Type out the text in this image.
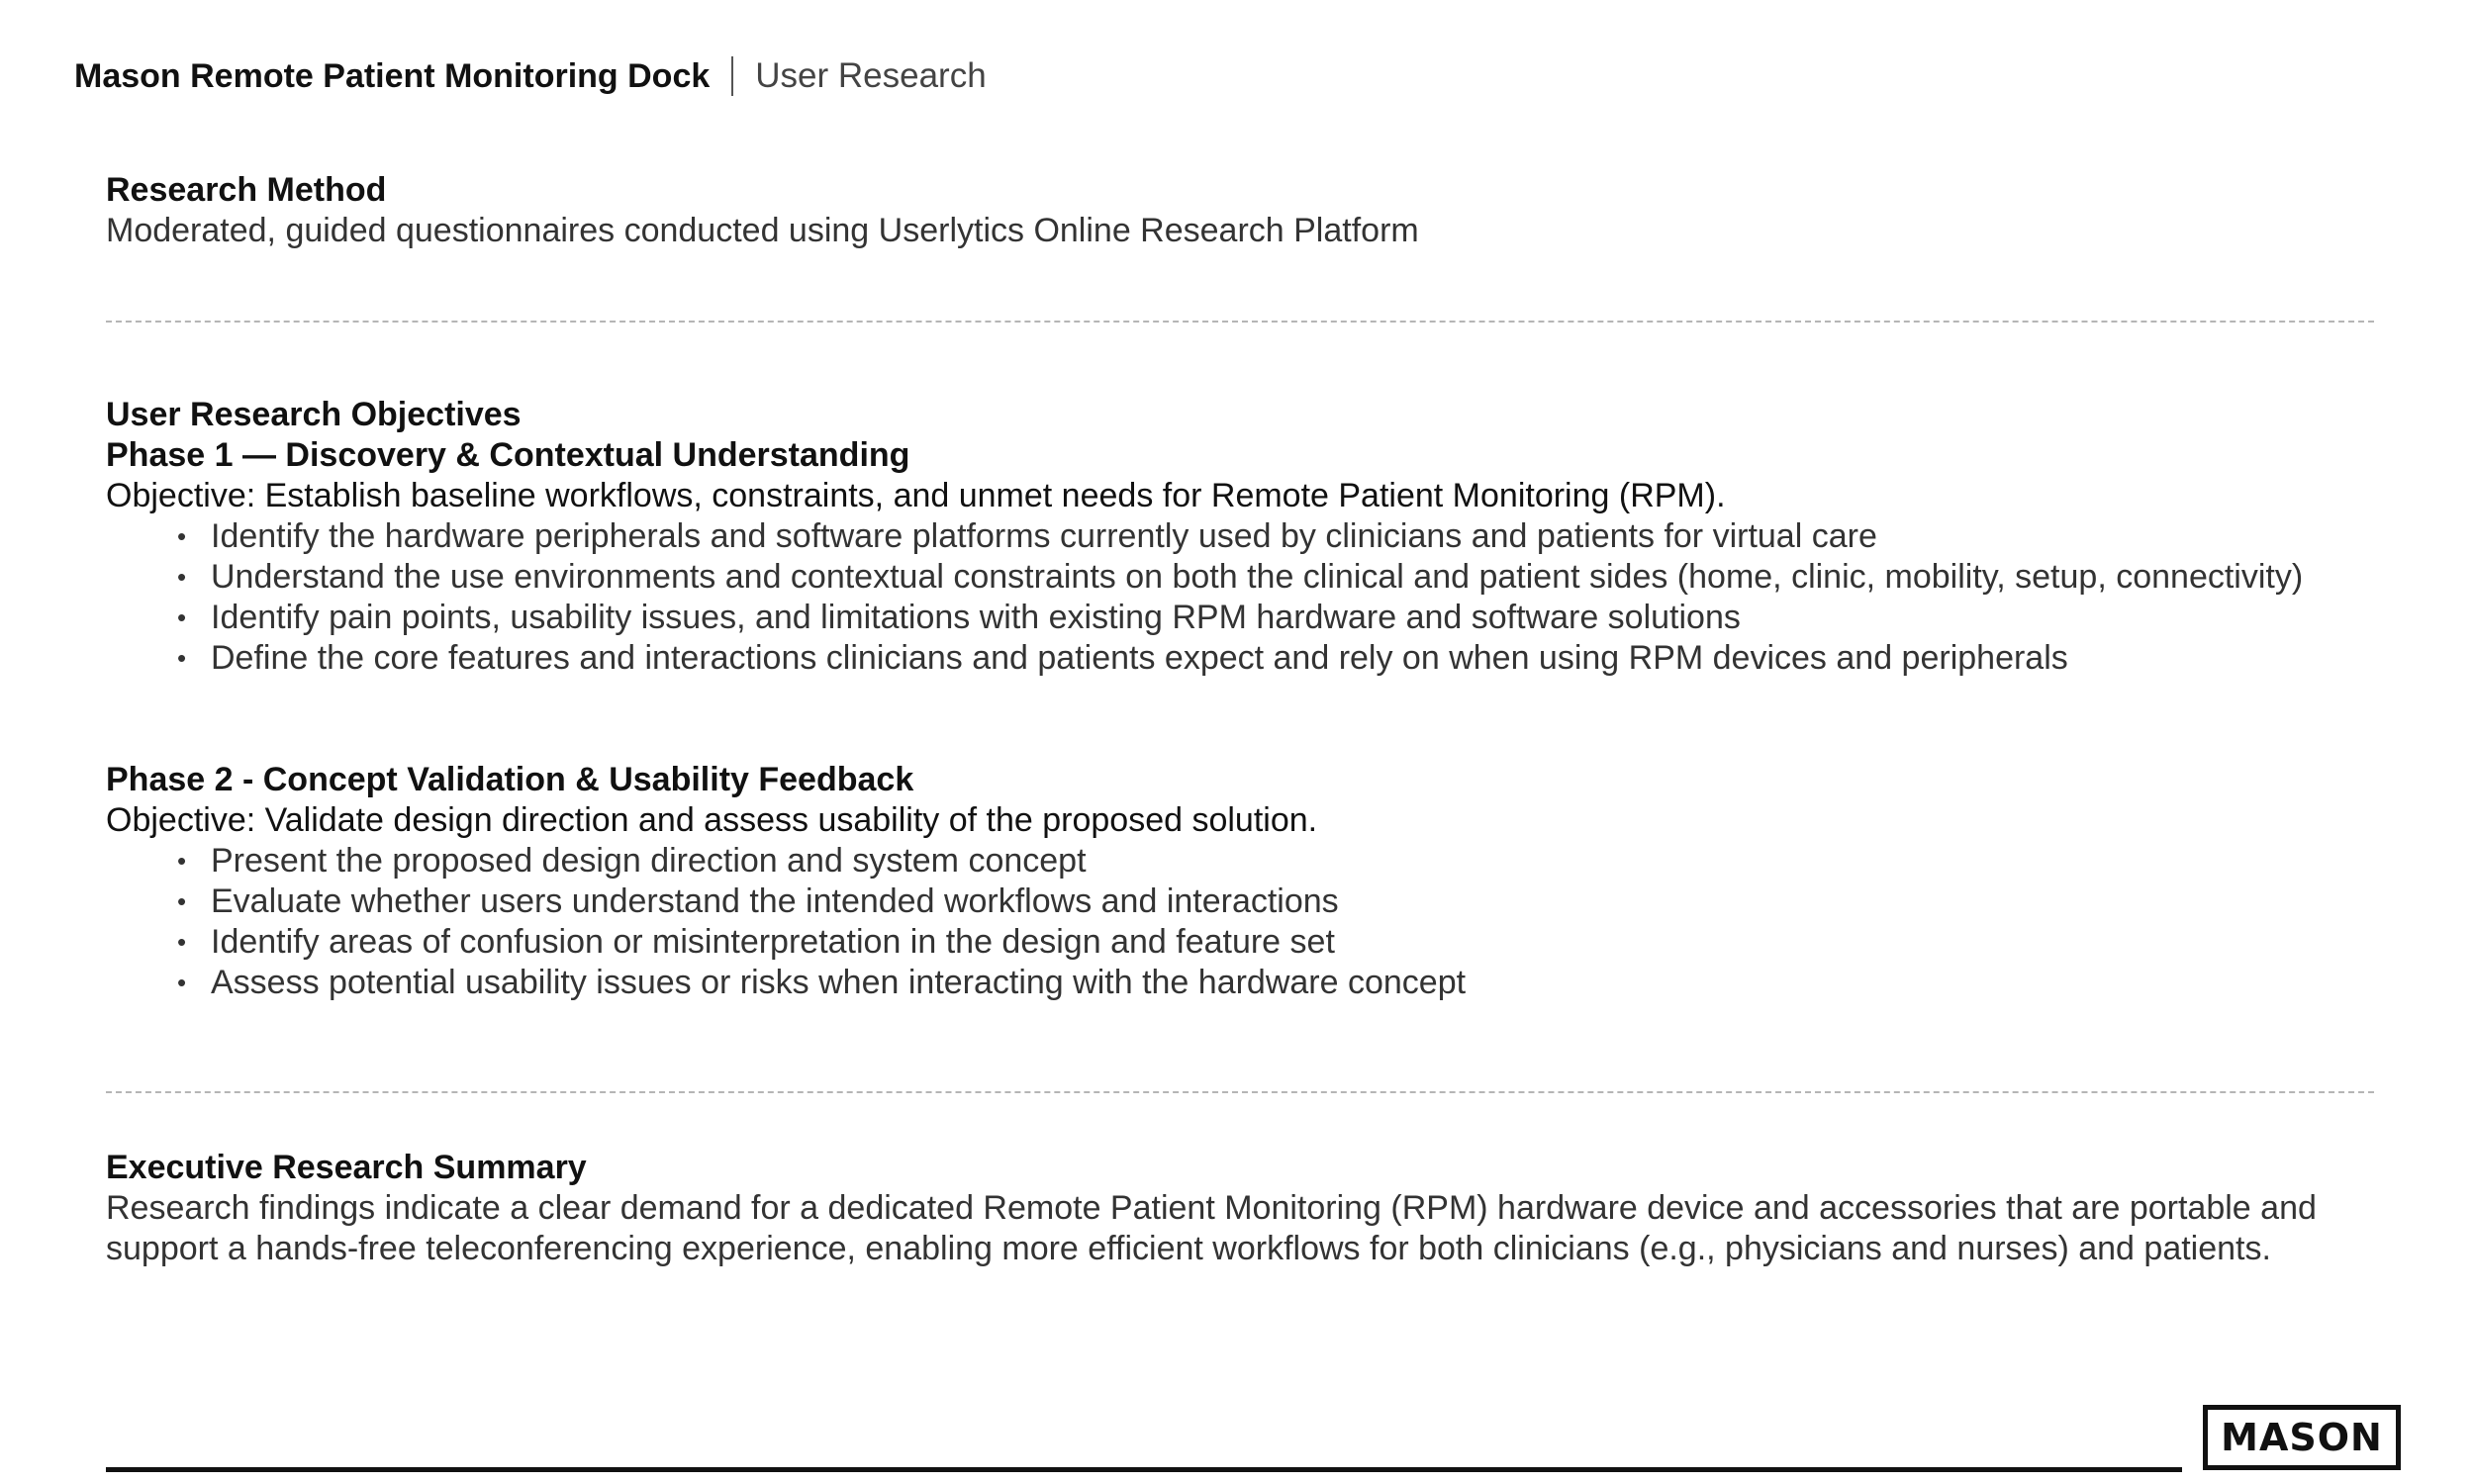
Mason Remote Patient Monitoring Dock User Research
Research Method
Moderated, guided questionnaires conducted using Userlytics Online Research Platform
User Research Objectives
Phase 1 — Discovery & Contextual Understanding
Objective: Establish baseline workflows, constraints, and unmet needs for Remote Patient Monitoring (RPM).
• Identify the hardware peripherals and software platforms currently used by clinicians and patients for virtual care
• Understand the use environments and contextual constraints on both the clinical and patient sides (home, clinic, mobility, setup, connectivity)
• Identify pain points, usability issues, and limitations with existing RPM hardware and software solutions
• Define the core features and interactions clinicians and patients expect and rely on when using RPM devices and peripherals
Phase 2 - Concept Validation & Usability Feedback
Objective: Validate design direction and assess usability of the proposed solution.
• Present the proposed design direction and system concept
• Evaluate whether users understand the intended workflows and interactions
• Identify areas of confusion or misinterpretation in the design and feature set
• Assess potential usability issues or risks when interacting with the hardware concept
Executive Research Summary
Research findings indicate a clear demand for a dedicated Remote Patient Monitoring (RPM) hardware device and accessories that are portable and support a hands-free teleconferencing experience, enabling more efficient workflows for both clinicians (e.g., physicians and nurses) and patients.
MASON
